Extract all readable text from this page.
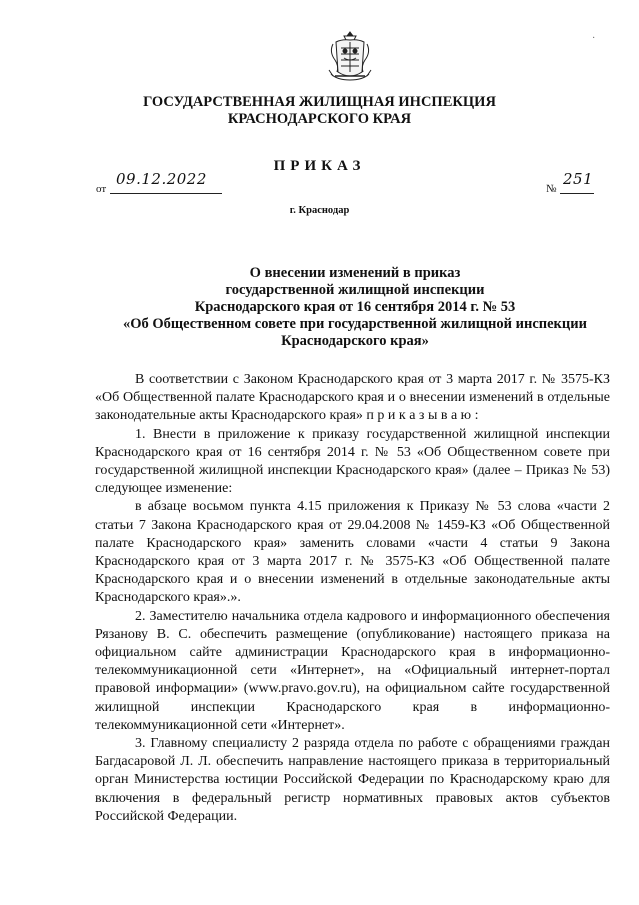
·
ГОСУДАРСТВЕННАЯ ЖИЛИЩНАЯ ИНСПЕКЦИЯ
КРАСНОДАРСКОГО КРАЯ
ПРИКАЗ
от
09.12.2022
№
251
г. Краснодар
О внесении изменений в приказ
государственной жилищной инспекции
Краснодарского края от 16 сентября 2014 г. № 53
«Об Общественном совете при государственной жилищной инспекции
Краснодарского края»

В соответствии с Законом Краснодарского края от 3 марта 2017 г. № 3575-КЗ «Об Общественной палате Краснодарского края и о внесении изменений в отдельные законодательные акты Краснодарского края» п р и к а з ы в а ю :

1. Внести в приложение к приказу государственной жилищной инспекции Краснодарского края от 16 сентября 2014 г. № 53 «Об Общественном совете при государственной жилищной инспекции Краснодарского края» (далее – Приказ № 53) следующее изменение:

в абзаце восьмом пункта 4.15 приложения к Приказу № 53 слова «части 2 статьи 7 Закона Краснодарского края от 29.04.2008 № 1459-КЗ «Об Общественной палате Краснодарского края» заменить словами «части 4 статьи 9 Закона Краснодарского края от 3 марта 2017 г. № 3575-КЗ «Об Общественной палате Краснодарского края и о внесении изменений в отдельные законодательные акты Краснодарского края».».

2. Заместителю начальника отдела кадрового и информационного обеспечения Рязанову В. С. обеспечить размещение (опубликование) настоящего приказа на официальном сайте администрации Краснодарского края в информационно-телекоммуникационной сети «Интернет», на «Официальный интернет-портал правовой информации» (www.pravo.gov.ru), на официальном сайте государственной жилищной инспекции Краснодарского края в информационно-телекоммуникационной сети «Интернет».

3. Главному специалисту 2 разряда отдела по работе с обращениями граждан Багдасаровой Л. Л. обеспечить направление настоящего приказа в территориальный орган Министерства юстиции Российской Федерации по Краснодарскому краю для включения в федеральный регистр нормативных правовых актов субъектов Российской Федерации.
